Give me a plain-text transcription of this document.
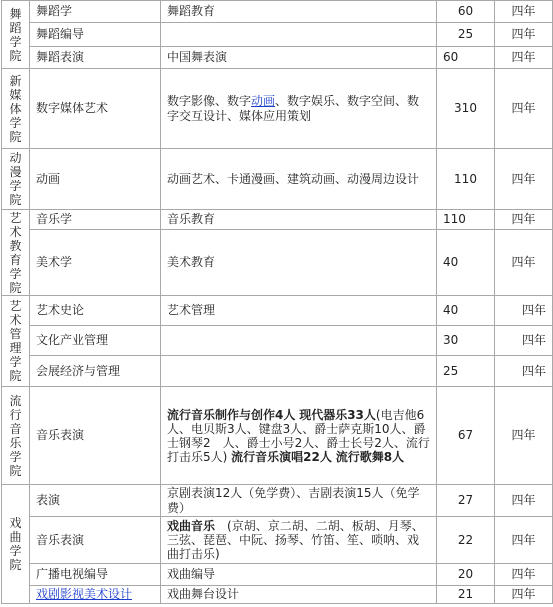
舞蹈学院	舞蹈学	舞蹈教育	60	四年
	舞蹈编导		25	四年
	舞蹈表演	中国舞表演	60	四年
新媒体学院	数字媒体艺术	数字影像、数字动画、数字娱乐、数字空间、数字交互设计、媒体应用策划	310	四年
动漫学院	动画	动画艺术、卡通漫画、建筑动画、动漫周边设计	110	四年
艺术教育学院	音乐学	音乐教育	110	四年
	美术学	美术教育	40	四年
艺术管理学院	艺术史论	艺术管理	40	四年
	文化产业管理		30	四年
	会展经济与管理		25	四年
流行音乐学院	音乐表演	流行音乐制作与创作4人 现代器乐33人(电吉他6人、电贝斯3人、键盘3人、爵士萨克斯10人、爵士钢琴2　人、爵士小号2人、爵士长号2人、流行打击乐5人) 流行音乐演唱22人 流行歌舞8人	67	四年
戏曲学院	表演	京剧表演12人（免学费）、吉剧表演15人（免学费）	27	四年
	音乐表演	戏曲音乐　(京胡、京二胡、二胡、板胡、月琴、三弦、琵琶、中阮、扬琴、竹笛、笙、唢呐、戏曲打击乐)	22	四年
	广播电视编导	戏曲编导	20	四年
	戏剧影视美术设计	戏曲舞台设计	21	四年
